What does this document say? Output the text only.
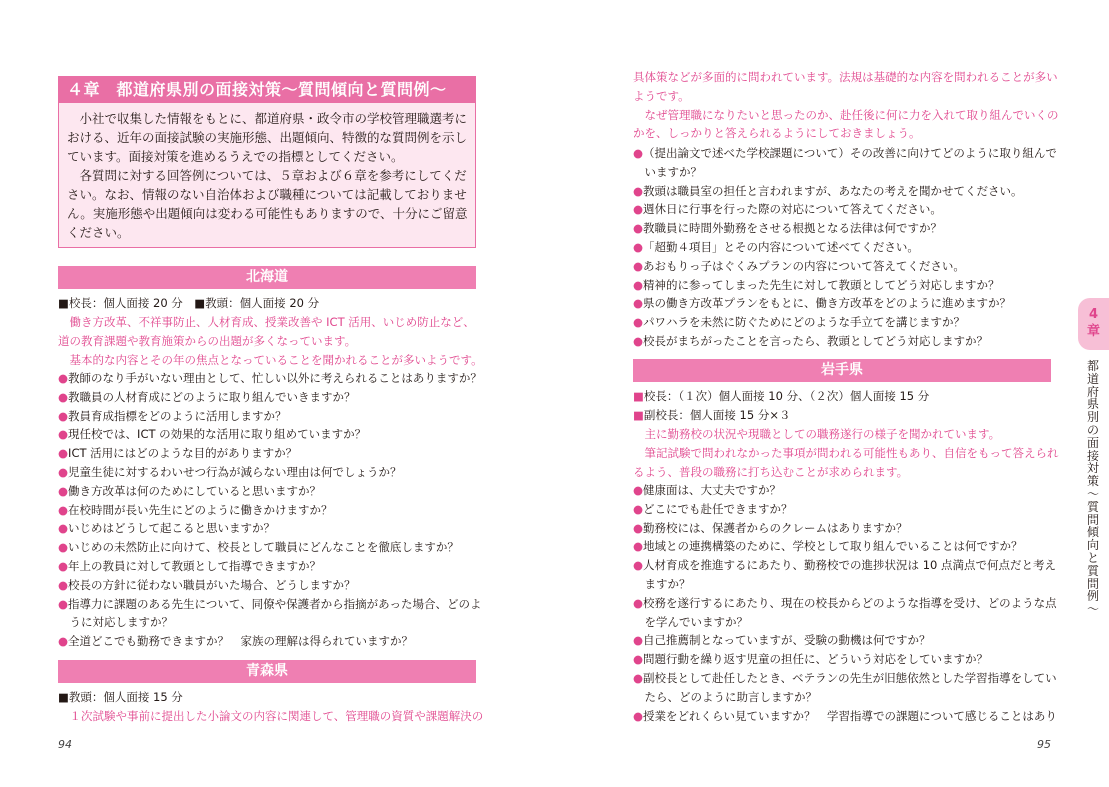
４章　都道府県別の面接対策～質問傾向と質問例～

小社で収集した情報をもとに、都道府県・政令市の学校管理職選考における、近年の面接試験の実施形態、出題傾向、特徴的な質問例を示しています。面接対策を進めるうえでの指標としてください。

各質問に対する回答例については、５章および６章を参考にしてください。なお、情報のない自治体および職種については記載しておりません。実施形態や出題傾向は変わる可能性もありますので、十分にご留意ください。

北海道
■校長：個人面接 20 分　■教頭：個人面接 20 分
　働き方改革、不祥事防止、人材育成、授業改善や ICT 活用、いじめ防止など、
道の教育課題や教育施策からの出題が多くなっています。
　基本的な内容とその年の焦点となっていることを聞かれることが多いようです。
●教師のなり手がいない理由として、忙しい以外に考えられることはありますか？
●教職員の人材育成にどのように取り組んでいきますか？
●教員育成指標をどのように活用しますか？
●現任校では、ICT の効果的な活用に取り組めていますか？
●ICT 活用にはどのような目的がありますか？
●児童生徒に対するわいせつ行為が減らない理由は何でしょうか？
●働き方改革は何のためにしていると思いますか？
●在校時間が長い先生にどのように働きかけますか？
●いじめはどうして起こると思いますか？
●いじめの未然防止に向けて、校長として職員にどんなことを徹底しますか？
●年上の教員に対して教頭として指導できますか？
●校長の方針に従わない職員がいた場合、どうしますか？
●指導力に課題のある先生について、同僚や保護者から指摘があった場合、どのよ
　うに対応しますか？
●全道どこでも勤務できますか？　家族の理解は得られていますか？
青森県
■教頭：個人面接 15 分
　１次試験や事前に提出した小論文の内容に関連して、管理職の資質や課題解決の
94
具体策などが多面的に問われています。法規は基礎的な内容を問われることが多い
ようです。
　なぜ管理職になりたいと思ったのか、赴任後に何に力を入れて取り組んでいくの
かを、しっかりと答えられるようにしておきましょう。
●（提出論文で述べた学校課題について）その改善に向けてどのように取り組んで
　いますか？
●教頭は職員室の担任と言われますが、あなたの考えを聞かせてください。
●週休日に行事を行った際の対応について答えてください。
●教職員に時間外勤務をさせる根拠となる法律は何ですか？
●「超勤４項目」とその内容について述べてください。
●あおもりっ子はぐくみプランの内容について答えてください。
●精神的に参ってしまった先生に対して教頭としてどう対応しますか？
●県の働き方改革プランをもとに、働き方改革をどのように進めますか？
●パワハラを未然に防ぐためにどのような手立てを講じますか？
●校長がまちがったことを言ったら、教頭としてどう対応しますか？
岩手県
■校長：（１次）個人面接 10 分、（２次）個人面接 15 分
■副校長：個人面接 15 分×３
　主に勤務校の状況や現職としての職務遂行の様子を聞かれています。
　筆記試験で問われなかった事項が問われる可能性もあり、自信をもって答えられ
るよう、普段の職務に打ち込むことが求められます。
●健康面は、大丈夫ですか？
●どこにでも赴任できますか？
●勤務校には、保護者からのクレームはありますか？
●地域との連携構築のために、学校として取り組んでいることは何ですか？
●人材育成を推進するにあたり、勤務校での進捗状況は 10 点満点で何点だと考え
　ますか？
●校務を遂行するにあたり、現在の校長からどのような指導を受け、どのような点
　を学んでいますか？
●自己推薦制となっていますが、受験の動機は何ですか？
●問題行動を繰り返す児童の担任に、どういう対応をしていますか？
●副校長として赴任したとき、ベテランの先生が旧態依然とした学習指導をしてい
　たら、どのように助言しますか？
●授業をどれくらい見ていますか？　学習指導での課題について感じることはあり
95
4
章
都道府県別の面接対策～質問傾向と質問例～
